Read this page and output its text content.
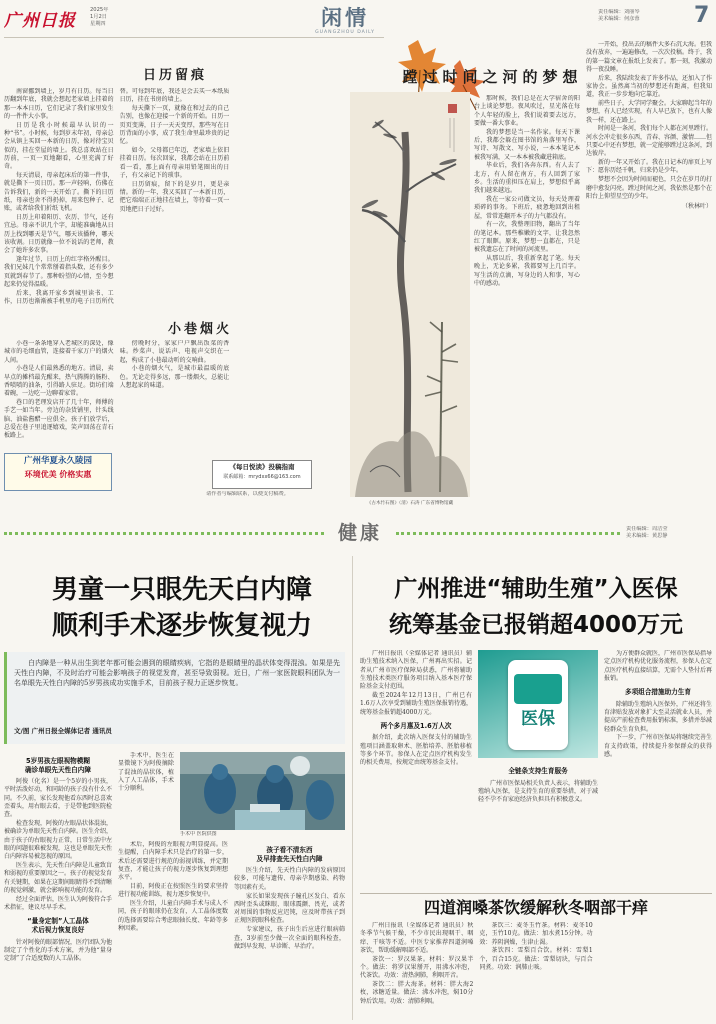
广州日报
2025年
1月2日
星期四	闲情
GUANGZHOU DAILY
责任编辑：刘丽琴
美术编辑：何彦蓉	7
日历留痕

南窗挪到墙上，岁月有日历。每当日历翻到年底，我就会想起老家墙上挂着的那一本本日历，它们记录了我们家里发生的一件件大小事。

日历是我小时候最早认识的一种“书”。小时候，每到岁末年初，母亲总会从镇上买回一本新的日历，像对待宝贝似的，挂在堂屋的墙上。我总喜欢站在日历前，一页一页地翻看，心里充满了好奇。

每天清晨，母亲起床后的第一件事，就是撕下一页日历。那一声轻响，仿佛在告诉我们，新的一天开始了。撕下的日历纸，母亲也舍不得扔掉，用来包种子、记账，或者给我们折纸飞机。

日历上印着阳历、农历、节气，还有宜忌。母亲不识几个字，却能准确地从日历上找到哪天是节气，哪天该播种，哪天该收割。日历就像一位不说话的老师，教会了她许多农事。

逢年过节，日历上的红字格外醒目。我们兄妹几个常常掰着指头数，还有多少页就到春节了。那种盼望的心情，至今想起来仍觉得温暖。

后来，我离开家乡到城里读书、工作，日历也渐渐被手机里的电子日历所代替。可每到年底，我还是会去买一本纸质日历，挂在书房的墙上。

每天撕下一页，就像在和过去的自己告别，也像在迎接一个新的开始。日历一页页变薄，日子一天天变厚，那些写在日历背面的小事，成了我生命里最珍贵的记忆。

如今，父母都已年迈，老家墙上依旧挂着日历。每次回家，我都会站在日历前看一看，那上面有母亲用铅笔圈出的日子，有父亲记下的琐事。

日历留痕，留下的是岁月，更是亲情。新的一年，我又买回了一本新日历，把它端端正正地挂在墙上，等待着一页一页地把日子过好。

小巷烟火

小巷一条条地穿入老城区的深处，像城市的毛细血管，连接着千家万户的烟火人间。

小巷是人们最熟悉的地方。清晨，卖早点的摊档最先醒来，热气腾腾的肠粉、香喷喷的油条，引得路人驻足。街坊们端着碗，一边吃一边聊着家常。

巷口的老理发店开了几十年，师傅的手艺一如当年。旁边的杂货铺里，针头线脑、油盐酱醋一应俱全。孩子们放学后，总爱在巷子里追逐嬉戏，笑声回荡在青石板路上。

傍晚时分，家家户户飘出饭菜的香味。炒菜声、说话声、电视声交织在一起，构成了小巷最动听的交响曲。

小巷的烟火气，是城市最温暖的底色。无论走得多远，那一缕烟火，总能让人想起家的味道。

广州华夏永久陵园
环境优美 价格实惠
《每日悦读》投稿指南
联系邮箱：mrydxx66@163.com
请作者与编辑联系，以便支付稿费。
《古木竹石图》（清）石涛 广东省博物馆藏
蹚过时间之河的梦想

那时候，我们总是在大学宿舍的阳台上谈论梦想。夜风吹过，星光落在每个人年轻的脸上，我们说着要去远方，要做一番大事业。

我的梦想是当一名作家。每天下课后，我都会躲在图书馆的角落里写作，写诗、写散文、写小说，一本本笔记本被我写满，又一本本被我藏进箱底。

毕业后，我们各奔东西。有人去了北方，有人留在南方，有人回到了家乡。生活的重担压在肩上，梦想似乎离我们越来越远。

我在一家公司做文员，每天处理着琐碎的事务。下班后，疲惫地回到出租屋，常常连翻开本子的力气都没有。

有一次，我整理旧物，翻出了当年的笔记本。那些稚嫩的文字，让我忽然红了眼眶。原来，梦想一直都在，只是被我遗忘在了时间的河流里。

从那以后，我重新拿起了笔。每天晚上，无论多累，我都要写上几百字。写生活的点滴，写身边的人和事，写心中的感动。

一开始，投出去的稿件大多石沉大海。但我没有放弃，一遍遍修改，一次次投稿。终于，我的第一篇文章在报纸上发表了。那一刻，我激动得一夜没睡。

后来，我陆续发表了许多作品，还加入了作家协会。虽然离当初的梦想还有距离，但我知道，我正一步步地向它靠近。

前些日子，大学同学聚会。大家聊起当年的梦想，有人已经实现，有人早已放下，也有人像我一样，还在路上。

时间是一条河，我们每个人都在河里蹚行。河水会冲走很多东西，青春、容颜、激情……但只要心中还有梦想，就一定能够蹚过这条河，到达彼岸。

新的一年又开始了。我在日记本的扉页上写下：愿你历经千帆，归来仍是少年。

梦想不会因为时间而褪色，只会在岁月的打磨中愈发闪亮。蹚过时间之河，我依然是那个在阳台上仰望星空的少年。

（秋林叶）
健康	责任编辑：周洁莹
美术编辑：黄思静
男童一只眼先天白内障
顺利手术逐步恢复视力
白内障是一种从出生到老年都可能会遇到的眼睛疾病，它指的是眼睛里的晶状体变得混浊。如果是先天性白内障，不及时治疗可能会影响孩子的视觉发育，甚至导致弱视。近日，广州一家医院眼科团队为一名单眼先天性白内障的5岁男孩成功实施手术，目前孩子视力正逐步恢复。
文/图 广州日报全媒体记者 通讯员
5岁男孩左眼视物模糊
确诊单眼先天性白内障

阿俊（化名）是一个5岁的小男孩，平时活泼好动，和同龄的孩子没有什么不同。不久前，家长发现他看东西时总喜欢歪着头，用右眼去看，于是带他到医院检查。

检查发现，阿俊的左眼晶状体混浊，被确诊为单眼先天性白内障。医生介绍，由于孩子的右眼视力正常，日常生活中左眼的问题很难被发现，这也是单眼先天性白内障容易被忽视的原因。

医生表示，先天性白内障是儿童致盲和弱视的重要原因之一。孩子的视觉发育有关键期，如果在这期间眼睛得不到清晰的视觉刺激，就会影响视功能的发育。

经过全面评估，医生认为阿俊符合手术指征，建议尽早手术。

“量身定制”人工晶体
术后视力恢复良好

针对阿俊的眼部情况，医疗团队为他制定了个性化的手术方案，并为他“量身定制”了合适度数的人工晶体。

手术中，医生在显微镜下为阿俊摘除了混浊的晶状体，植入了人工晶体，手术十分顺利。

手术中 医院供图

术后，阿俊的左眼视力明显提高。医生提醒，白内障手术只是治疗的第一步，术后还需要进行规范的弱视训练，并定期复查，才能让孩子的视力逐步恢复到理想水平。

目前，阿俊正在按照医生的要求坚持进行视功能训练，视力逐步恢复中。

医生介绍，儿童白内障手术与成人不同，孩子的眼球仍在发育，人工晶体度数的选择需要综合考虑眼轴长度、年龄等多种因素。

孩子看不清东西
及早排查先天性白内障

医生介绍，先天性白内障的发病原因较多，可能与遗传、母亲孕期感染、药物等因素有关。

家长如果发现孩子瞳孔区发白、看东西时歪头或眯眼、眼球震颤、畏光，或者对周围的事物反应迟钝，应及时带孩子到正规医院眼科检查。

专家建议，孩子出生后应进行眼病筛查，3岁前至少做一次全面的眼科检查，做到早发现、早诊断、早治疗。

广州推进“辅助生殖”入医保
统筹基金已报销超4000万元

广州日报讯（全媒体记者 通讯员）辅助生殖技术纳入医保，广州再出实招。记者从广州市医疗保障局获悉，广州将辅助生殖技术类医疗服务项目纳入基本医疗保险基金支付范围。

截至2024年12月13日，广州已有1.6万人次享受到辅助生殖医保报销待遇，统筹基金报销超4000万元。

两个多月惠及1.6万人次

据介绍，此次纳入医保支付的辅助生殖项目涵盖取卵术、胚胎培养、胚胎移植等多个环节。参保人在定点医疗机构发生的相关费用，按规定由统筹基金支付。

医保
全链条支持生育服务

广州市医保局相关负责人表示，将辅助生殖纳入医保，是支持生育的重要举措，对于减轻不孕不育家庭经济负担具有积极意义。

为方便群众就医，广州市医保局指导定点医疗机构优化服务流程，参保人在定点医疗机构直接结算，无需个人垫付后再报销。

多项组合措施助力生育

除辅助生殖纳入医保外，广州还将生育津贴发放对象扩大至灵活就业人员，并提高产前检查费用报销标准，多措并举减轻群众生育负担。

下一步，广州市医保局将继续完善生育支持政策，持续提升参保群众的获得感。

四道润嗓茶饮缓解秋冬咽部干痒

广州日报讯（全媒体记者 通讯员）秋冬季节气候干燥，不少市民出现咽干、咽痒、干咳等不适。中医专家推荐四道润嗓茶饮，帮助缓解咽部不适。

茶饮一：罗汉果茶。材料：罗汉果半个。做法：将罗汉果掰开，用沸水冲泡，代茶饮。功效：清热润肺，利咽开音。

茶饮二：胖大海茶。材料：胖大海2枚，冰糖适量。做法：沸水冲泡，焖10分钟后饮用。功效：清肺利咽。

茶饮三：麦冬玉竹茶。材料：麦冬10克，玉竹10克。做法：加水煮15分钟。功效：养阴润燥，生津止渴。

茶饮四：雪梨百合饮。材料：雪梨1个，百合15克。做法：雪梨切块，与百合同煮。功效：润肺止咳。
